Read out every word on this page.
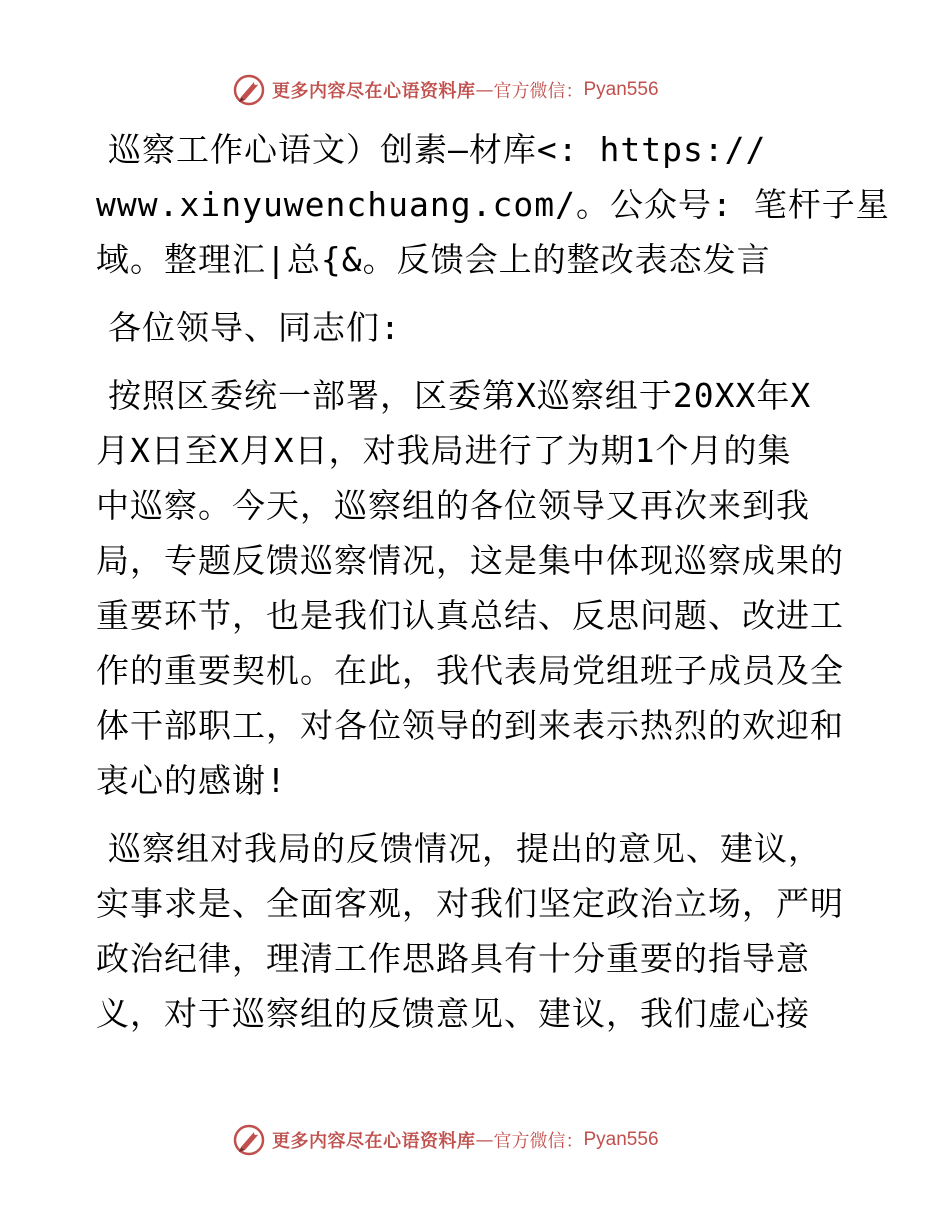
更多内容尽在心语资料库 — 官方微信： Pyan556
巡察工作心语文）创素—材库<: https://
www.xinyuwenchuang.com/。公众号: 笔杆子星
域。整理汇|总{&。反馈会上的整改表态发言
各位领导、同志们:
按照区委统一部署，区委第X巡察组于20XX年X
月X日至X月X日，对我局进行了为期1个月的集
中巡察。今天，巡察组的各位领导又再次来到我
局，专题反馈巡察情况，这是集中体现巡察成果的
重要环节，也是我们认真总结、反思问题、改进工
作的重要契机。在此，我代表局党组班子成员及全
体干部职工，对各位领导的到来表示热烈的欢迎和
衷心的感谢!
巡察组对我局的反馈情况，提出的意见、建议，
实事求是、全面客观，对我们坚定政治立场，严明
政治纪律，理清工作思路具有十分重要的指导意
义，对于巡察组的反馈意见、建议，我们虚心接
更多内容尽在心语资料库 — 官方微信： Pyan556
